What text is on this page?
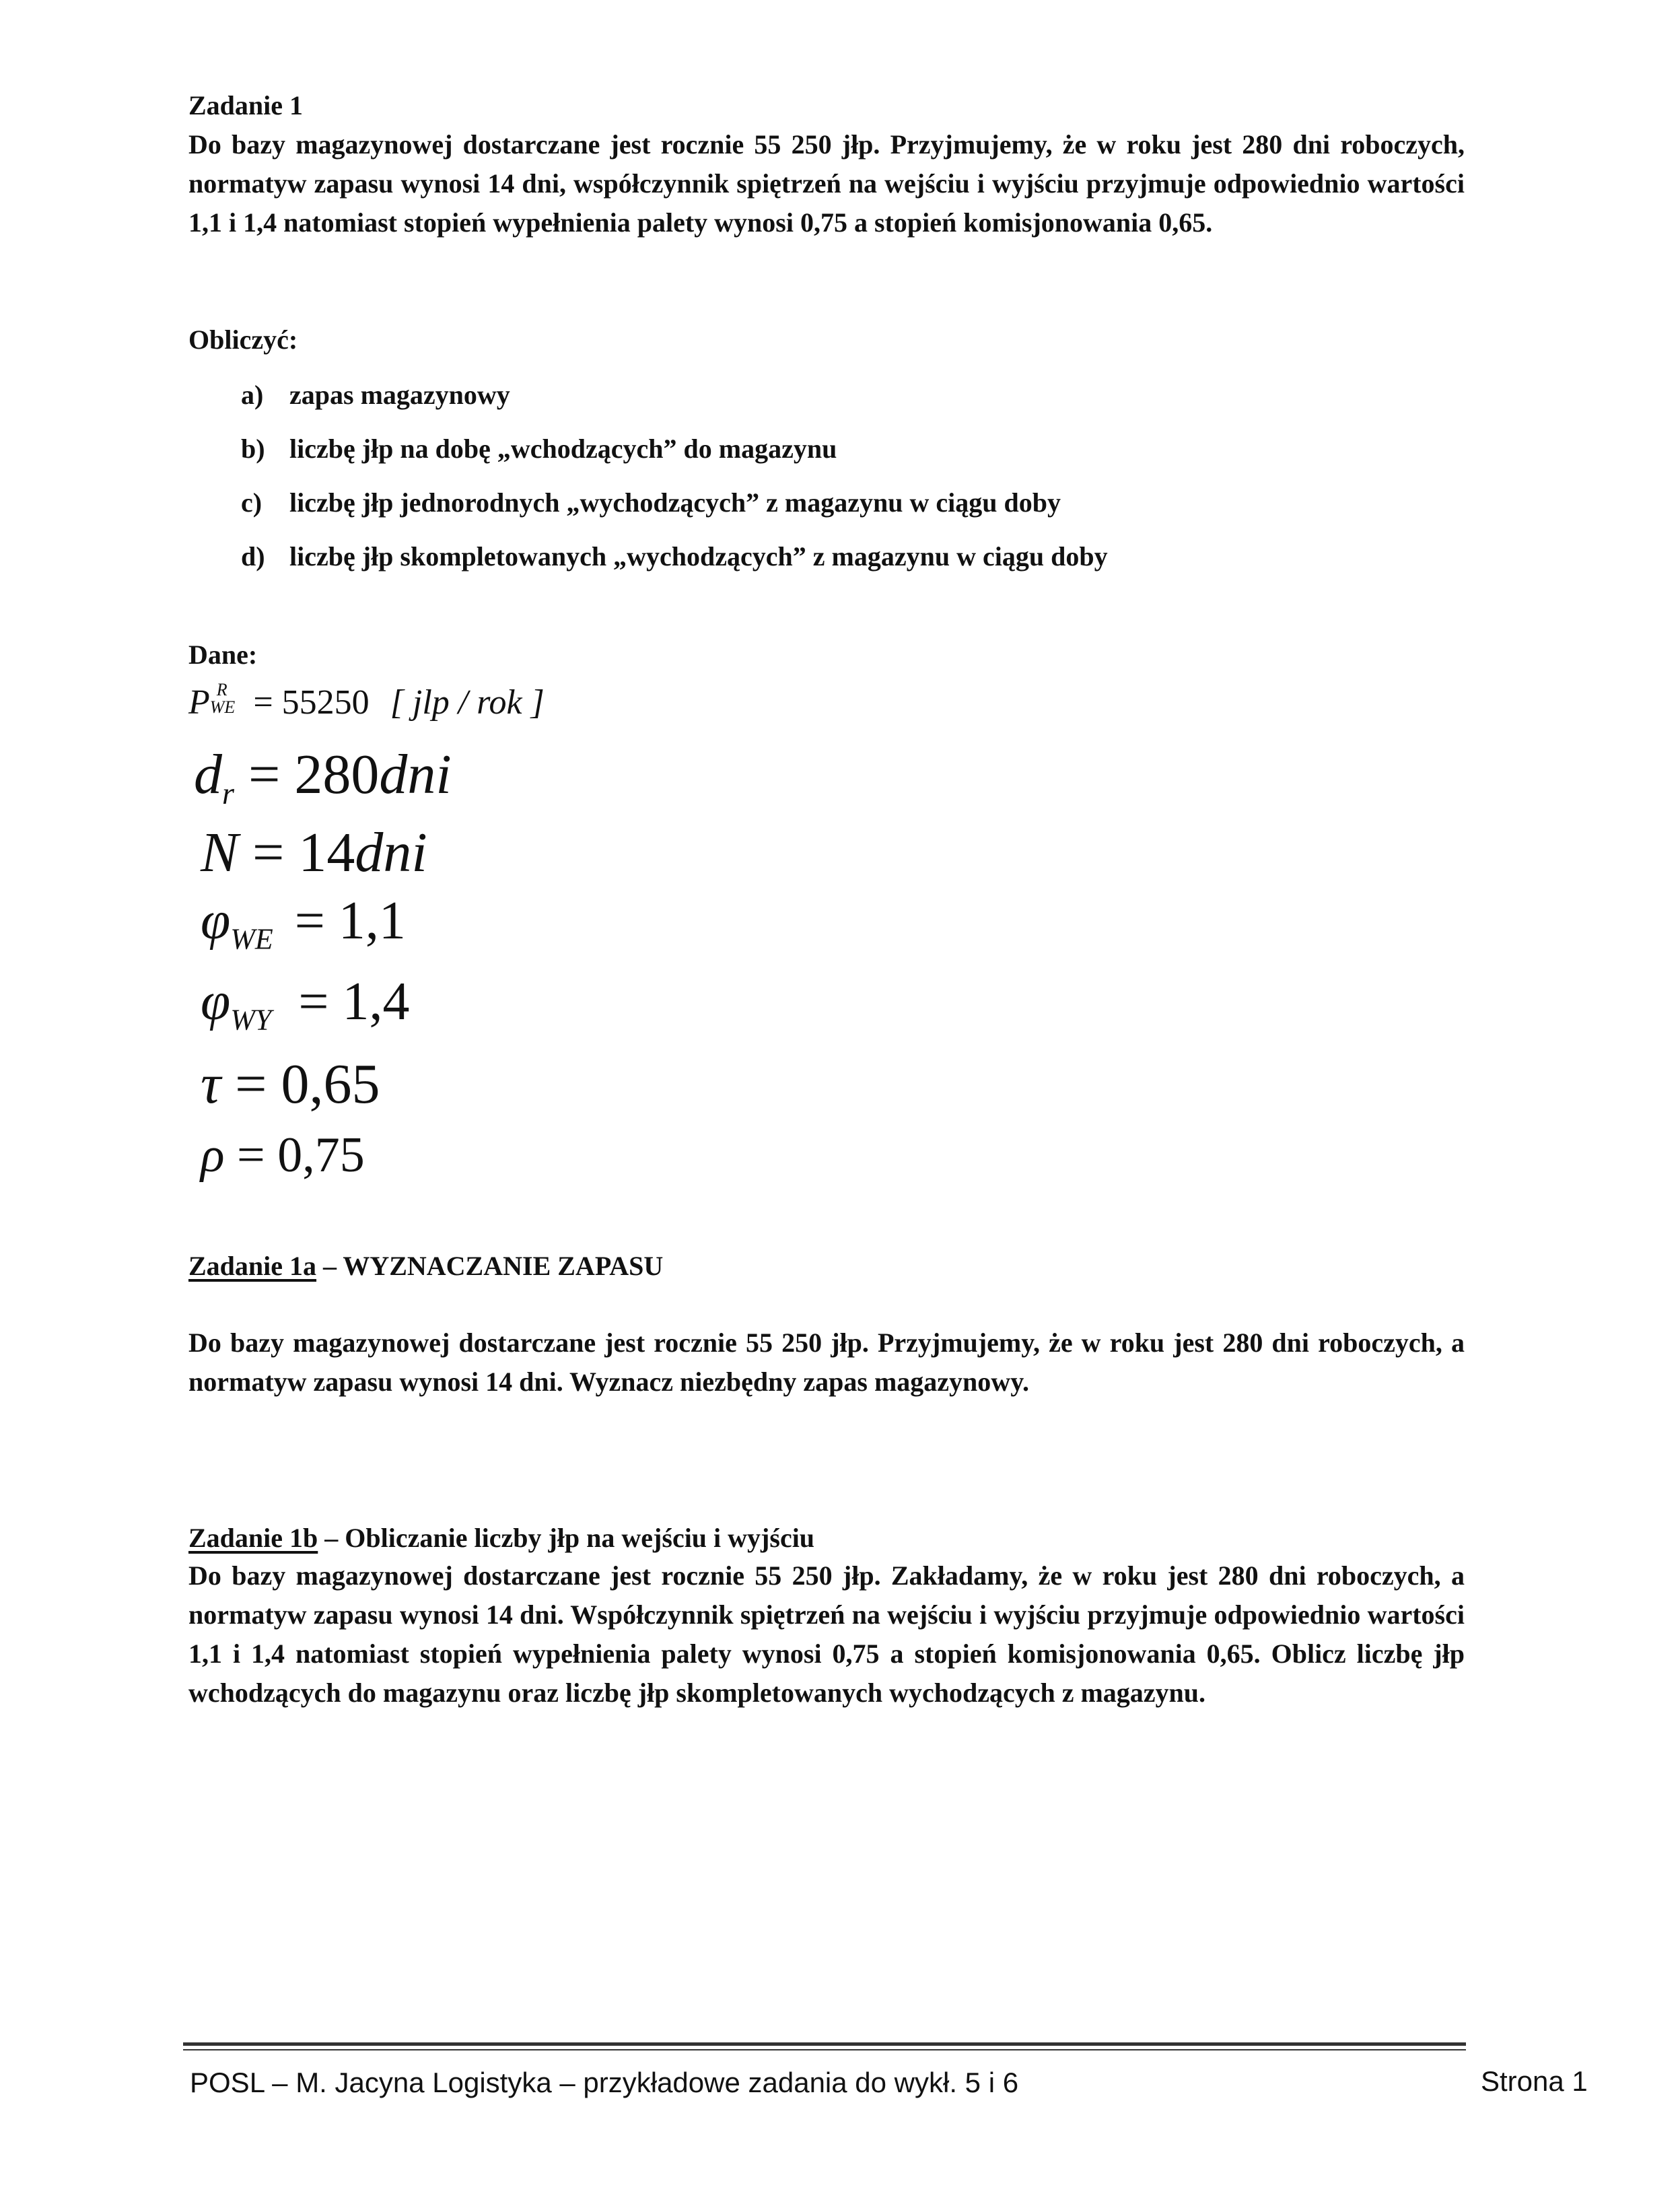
Zadanie 1
Do bazy magazynowej dostarczane jest rocznie 55 250 jłp. Przyjmujemy, że w roku jest 280 dni roboczych, normatyw zapasu wynosi 14 dni, współczynnik spiętrzeń na wejściu i wyjściu przyjmuje odpowiednio wartości 1,1 i 1,4 natomiast stopień wypełnienia palety wynosi 0,75 a stopień komisjonowania 0,65.
Obliczyć:
a) zapas magazynowy
b) liczbę jłp na dobę „wchodzących” do magazynu
c) liczbę jłp jednorodnych „wychodzących” z magazynu w ciągu doby
d) liczbę jłp skompletowanych „wychodzących” z magazynu w ciągu doby
Dane:
P R
WE = 55250 [ jlp / rok ]
$d_r = 280dni$
N = 14dni
$\varphi_{WE} = 1,1$
$\varphi_{WY} = 1,4$
τ = 0,65
ρ = 0,75
Zadanie 1a – WYZNACZANIE ZAPASU
Do bazy magazynowej dostarczane jest rocznie 55 250 jłp. Przyjmujemy, że w roku jest 280 dni roboczych, a normatyw zapasu wynosi 14 dni. Wyznacz niezbędny zapas magazynowy.
Zadanie 1b – Obliczanie liczby jłp na wejściu i wyjściu
Do bazy magazynowej dostarczane jest rocznie 55 250 jłp. Zakładamy, że w roku jest 280 dni roboczych, a normatyw zapasu wynosi 14 dni. Współczynnik spiętrzeń na wejściu i wyjściu przyjmuje odpowiednio wartości 1,1 i 1,4 natomiast stopień wypełnienia palety wynosi 0,75 a stopień komisjonowania 0,65. Oblicz liczbę jłp wchodzących do magazynu oraz liczbę jłp skompletowanych wychodzących z magazynu.
POSL – M. Jacyna Logistyka – przykładowe zadania do wykł. 5 i 6	Strona 1
